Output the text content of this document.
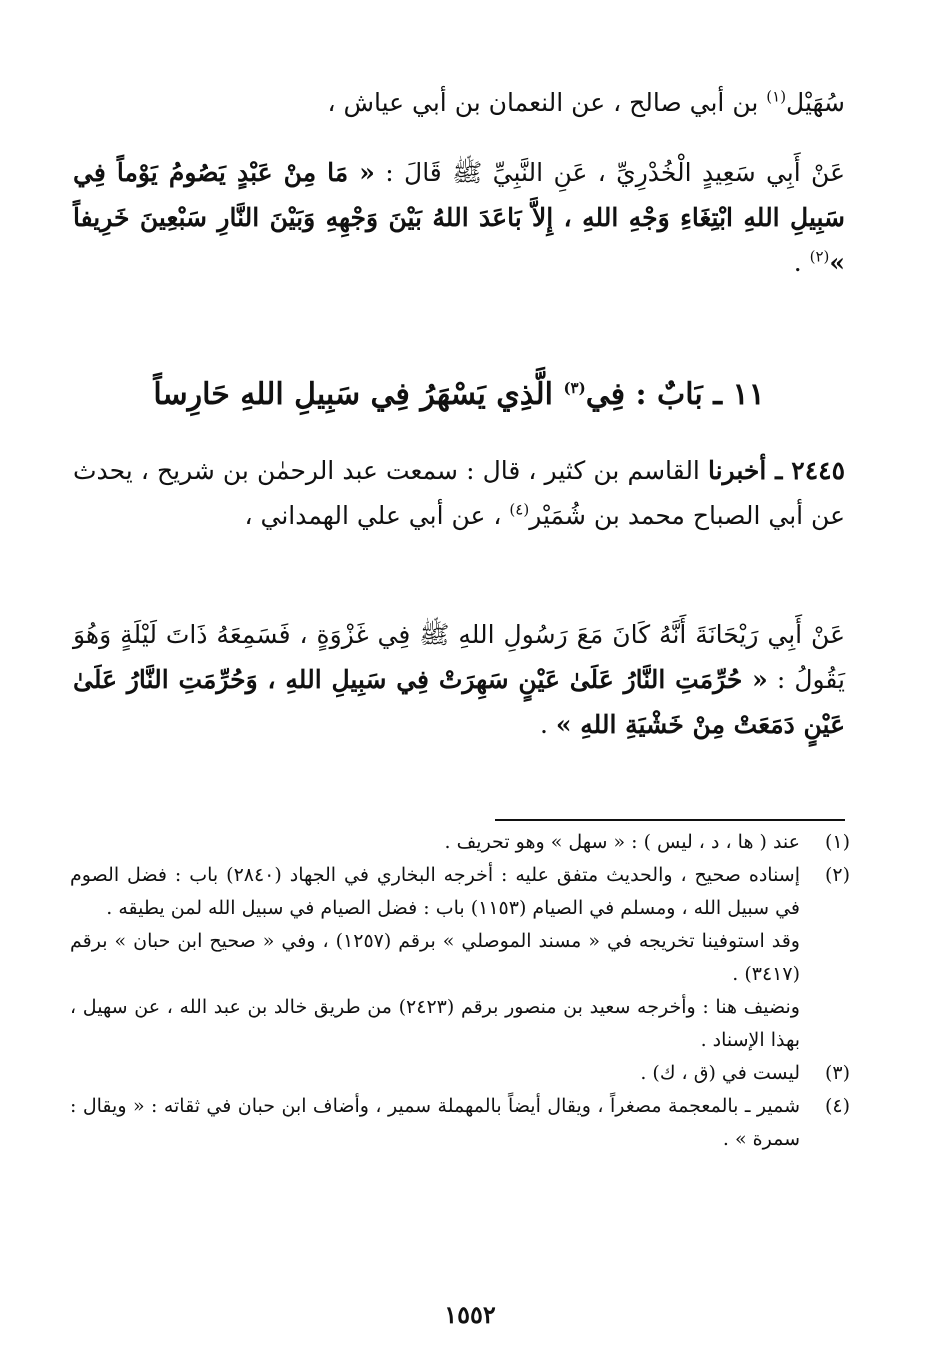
سُهَيْل$^{(١)}$ بن أبي صالح ، عن النعمان بن أبي عياش ،
عَنْ أَبِي سَعِيدٍ الْخُدْرِيِّ ، عَنِ النَّبِيِّ ﷺ قَالَ : « مَا مِنْ عَبْدٍ يَصُومُ يَوْماً فِي سَبِيلِ اللهِ ابْتِغَاءِ وَجْهِ اللهِ ، إِلاَّ بَاعَدَ اللهُ بَيْنَ وَجْهِهِ وَبَيْنَ النَّارِ سَبْعِينَ خَرِيفاً »$^{(٢)}$ .
١١ ـ بَابٌ : فِي$^{(٣)}$ الَّذِي يَسْهَرُ فِي سَبِيلِ اللهِ حَارِساً
٢٤٤٥ ـ أخبرنا القاسم بن كثير ، قال : سمعت عبد الرحمٰن بن شريح ، يحدث عن أبي الصباح محمد بن شُمَيْر$^{(٤)}$ ، عن أبي علي الهمداني ،
عَنْ أَبِي رَيْحَانَةَ أَنَّهُ كَانَ مَعَ رَسُولِ اللهِ ﷺ فِي غَزْوَةٍ ، فَسَمِعَهُ ذَاتَ لَيْلَةٍ وَهُوَ يَقُولُ : « حُرِّمَتِ النَّارُ عَلَىٰ عَيْنٍ سَهِرَتْ فِي سَبِيلِ اللهِ ، وَحُرِّمَتِ النَّارُ عَلَىٰ عَيْنٍ دَمَعَتْ مِنْ خَشْيَةِ اللهِ » .
(١)

عند ( ها ، د ، ليس ) : « سهل » وهو تحريف .

(٢)

إسناده صحيح ، والحديث متفق عليه : أخرجه البخاري في الجهاد (٢٨٤٠) باب : فضل الصوم في سبيل الله ، ومسلم في الصيام (١١٥٣) باب : فضل الصيام في سبيل الله لمن يطيقه .

وقد استوفينا تخريجه في « مسند الموصلي » برقم (١٢٥٧) ، وفي « صحيح ابن حبان » برقم (٣٤١٧) .

ونضيف هنا : وأخرجه سعيد بن منصور برقم (٢٤٢٣) من طريق خالد بن عبد الله ، عن سهيل ، بهذا الإسناد .

(٣)

ليست في (ق ، ك) .

(٤)

شمير ـ بالمعجمة مصغراً ، ويقال أيضاً بالمهملة سمير ، وأضاف ابن حبان في ثقاته : « ويقال : سمرة » .

١٥٥٢
